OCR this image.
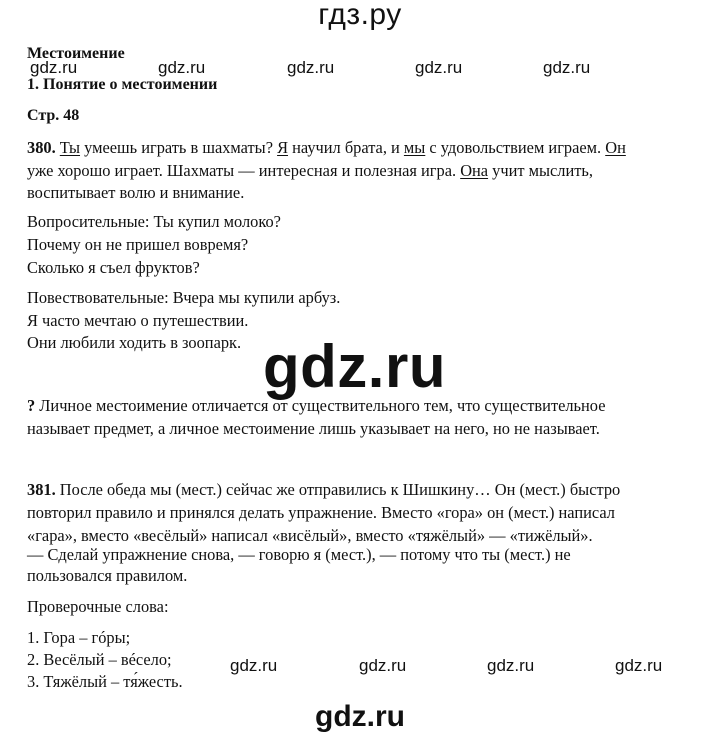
гдз.ру
gdz.ru	gdz.ru	gdz.ru	gdz.ru	gdz.ru
Местоимение
1. Понятие о местоимении
Стр. 48
380. Ты умеешь играть в шахматы? Я научил брата, и мы с удовольствием играем. Он
уже хорошо играет. Шахматы — интересная и полезная игра. Она учит мыслить,
воспитывает волю и внимание.
Вопросительные: Ты купил молоко?
Почему он не пришел вовремя?
Сколько я съел фруктов?
Повествовательные: Вчера мы купили арбуз.
Я часто мечтаю о путешествии.
Они любили ходить в зоопарк. gdz.ru
? Личное местоимение отличается от существительного тем, что существительное
называет предмет, а личное местоимение лишь указывает на него, но не называет.
381. После обеда мы (мест.) сейчас же отправились к Шишкину… Он (мест.) быстро
повторил правило и принялся делать упражнение. Вместо «гора» он (мест.) написал
«гара», вместо «весёлый» написал «висёлый», вместо «тяжёлый» — «тижёлый».
— Сделай упражнение снова, — говорю я (мест.), — потому что ты (мест.) не
пользовался правилом.
Проверочные слова:
1. Гора – гóры;
2. Весёлый – вéсело;
3. Тяжёлый – тя́жесть.
gdz.ru	gdz.ru	gdz.ru	gdz.ru
gdz.ru
